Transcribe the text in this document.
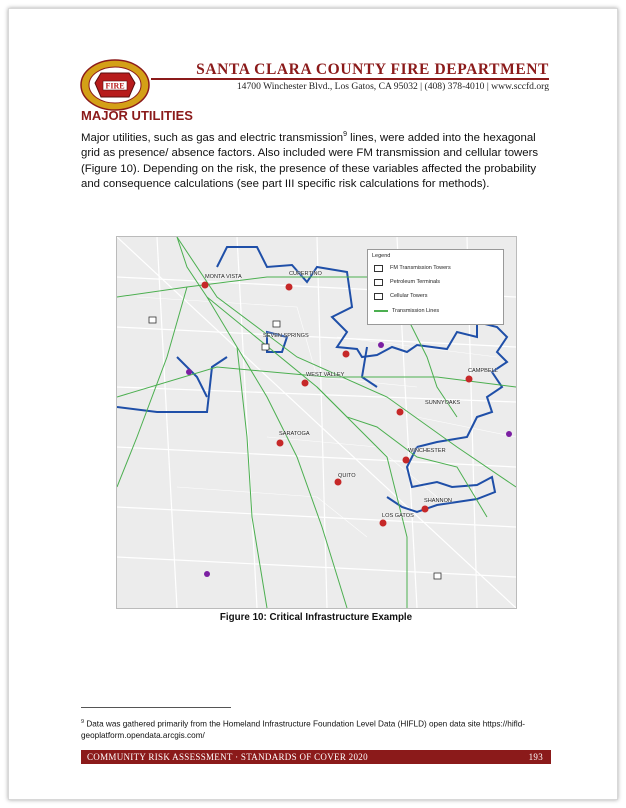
FIRE
SANTA CLARA COUNTY FIRE DEPARTMENT
14700 Winchester Blvd., Los Gatos, CA 95032 | (408) 378-4010 | www.sccfd.org
MAJOR UTILITIES
Major utilities, such as gas and electric transmission$^9$ lines, were added into the hexagonal grid as presence/ absence factors. Also included were FM transmission and cellular towers (Figure 10). Depending on the risk, the presence of these variables affected the probability and consequence calculations (see part III specific risk calculations for methods).
Legend
FM Transmission Towers
Petroleum Terminals
Cellular Towers
Transmission Lines
MONTA VISTA	CUPERTINO
SEVEN SPRINGS
WEST VALLEY
CAMPBELL
SUNNYOAKS
SARATOGA
WINCHESTER
QUITO
SHANNON
LOS GATOS
Figure 10: Critical Infrastructure Example
$^9$ Data was gathered primarily from the Homeland Infrastructure Foundation Level Data (HIFLD) open data site https://hifld- geoplatform.opendata.arcgis.com/
COMMUNITY RISK ASSESSMENT · STANDARDS OF COVER 2020	193
